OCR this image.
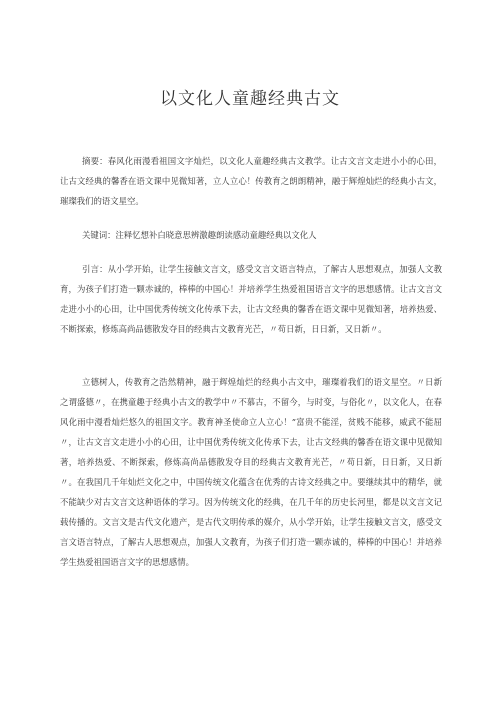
以文化人童趣经典古文

摘要：春风化雨漫看祖国文字灿烂，以文化人童趣经典古文教学。让古文言文走进小小的心田，让古文经典的馨香在语文课中见微知著，立人立心！传教育之朗朗精神，融于辉煌灿烂的经典小古文，璀璨我们的语文星空。

关键词：注释忆想补白晓意思辨激趣朗读感动童趣经典以文化人

引言：从小学开始，让学生接触文言文，感受文言文语言特点，了解古人思想观点，加强人文教育，为孩子们打造一颗赤诚的，棒棒的中国心！并培养学生热爱祖国语言文字的思想感情。让古文言文走进小小的心田，让中国优秀传统文化传承下去，让古文经典的馨香在语文课中见微知著，培养热爱、不断探索，修炼高尚品德散发夺目的经典古文教育光芒，〃苟日新，日日新，又日新〃。

立德树人，传教育之浩然精神，融于辉煌灿烂的经典小古文中，璀璨着我们的语文星空。〃日新之谓盛德〃，在携童趣于经典小古文的教学中〃不慕古，不留今，与时变，与俗化〃，以文化人，在春风化雨中漫看灿烂悠久的祖国文字。教育神圣使命立人立心！”富贵不能淫，贫贱不能移，威武不能屈〃，让古文言文走进小小的心田，让中国优秀传统文化传承下去，让古文经典的馨香在语文课中见微知著，培养热爱、不断探索，修炼高尚品德散发夺目的经典古文教育光芒，〃苟日新，日日新，又日新〃。在我国几千年灿烂文化之中，中国传统文化蕴含在优秀的古诗文经典之中。要继续其中的精华，就不能缺少对古文言文这种语体的学习。因为传统文化的经典，在几千年的历史长河里，都是以文言文记载传播的。文言文是古代文化遗产，是古代文明传承的媒介，从小学开始，让学生接触文言文，感受文言文语言特点，了解古人思想观点，加强人文教育，为孩子们打造一颗赤诚的，棒棒的中国心！并培养学生热爱祖国语言文字的思想感情。
